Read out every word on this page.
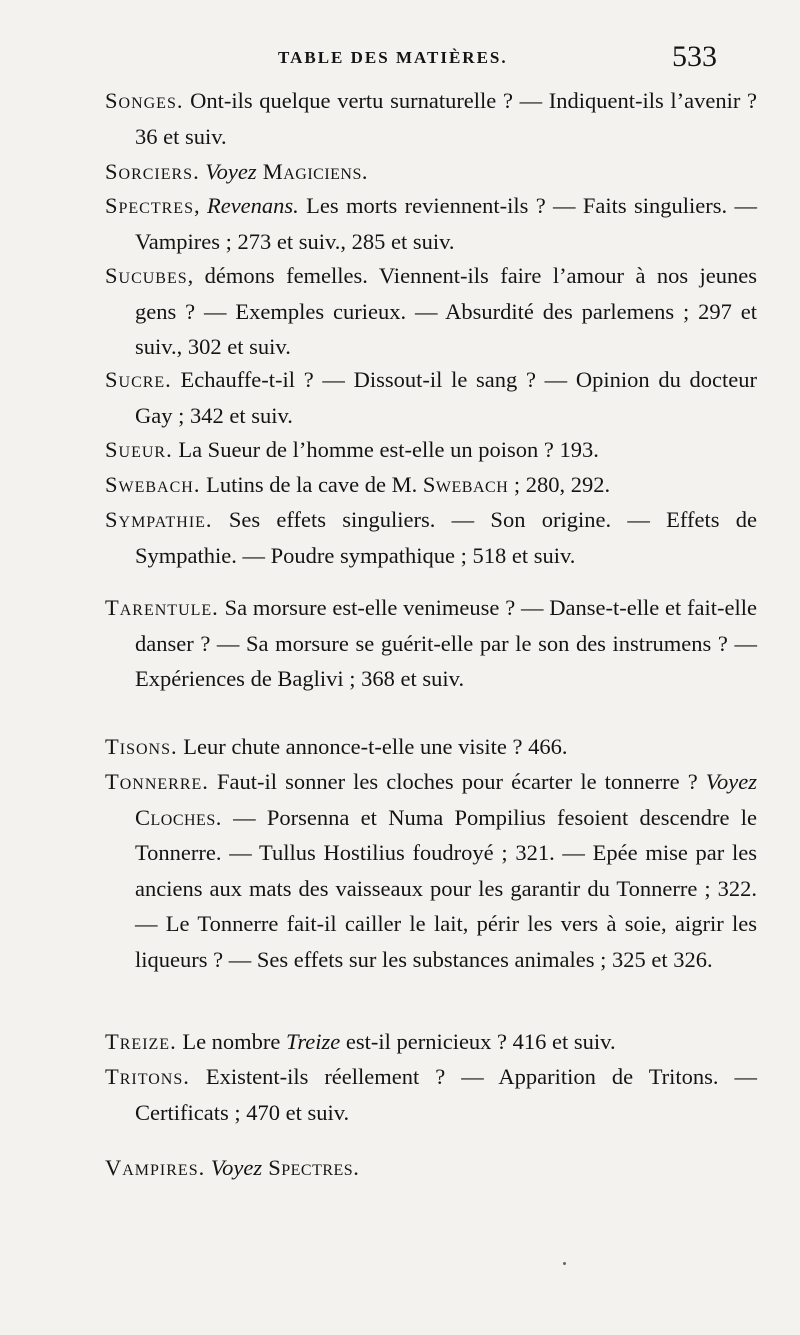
TABLE DES MATIÈRES.	533

Songes. Ont-ils quelque vertu surnaturelle ? — Indiquent-ils l’avenir ? 36 et suiv.

Sorciers. Voyez Magiciens.

Spectres, Revenans. Les morts reviennent-ils ? — Faits singuliers. — Vampires ; 273 et suiv., 285 et suiv.

Sucubes, démons femelles. Viennent-ils faire l’amour à nos jeunes gens ? — Exemples curieux. — Absurdité des parlemens ; 297 et suiv., 302 et suiv.

Sucre. Echauffe-t-il ? — Dissout-il le sang ? — Opinion du docteur Gay ; 342 et suiv.

Sueur. La Sueur de l’homme est-elle un poison ? 193.

Swebach. Lutins de la cave de M. Swebach ; 280, 292.

Sympathie. Ses effets singuliers. — Son origine. — Effets de Sympathie. — Poudre sympathique ; 518 et suiv.

Tarentule. Sa morsure est-elle venimeuse ? — Danse-t-elle et fait-elle danser ? — Sa morsure se guérit-elle par le son des instrumens ? — Expériences de Baglivi ; 368 et suiv.

Tisons. Leur chute annonce-t-elle une visite ? 466.

Tonnerre. Faut-il sonner les cloches pour écarter le tonnerre ? Voyez Cloches. — Porsenna et Numa Pompilius fesoient descendre le Tonnerre. — Tullus Hostilius foudroyé ; 321. — Epée mise par les anciens aux mats des vaisseaux pour les garantir du Tonnerre ; 322. — Le Tonnerre fait-il cailler le lait, périr les vers à soie, aigrir les liqueurs ? — Ses effets sur les substances animales ; 325 et 326.

Treize. Le nombre Treize est-il pernicieux ? 416 et suiv.

Tritons. Existent-ils réellement ? — Apparition de Tritons. — Certificats ; 470 et suiv.

Vampires. Voyez Spectres.
